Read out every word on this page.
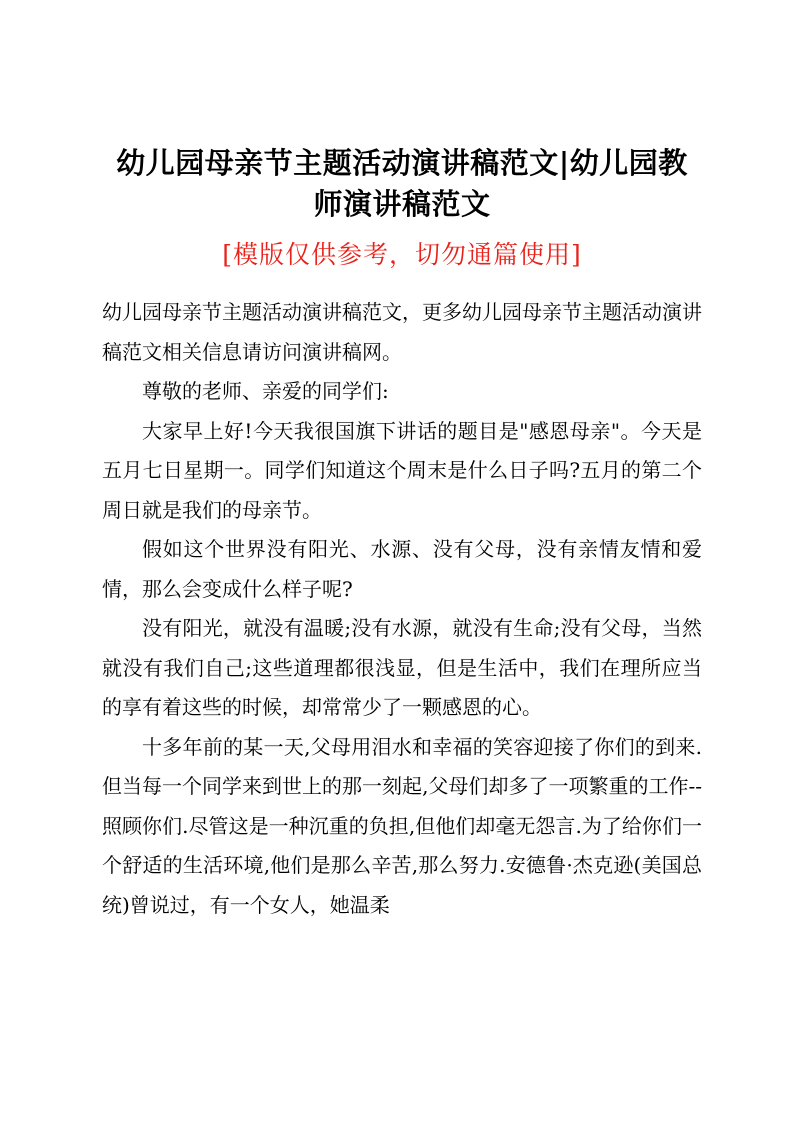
幼儿园母亲节主题活动演讲稿范文|幼儿园教师演讲稿范文

[模版仅供参考，切勿通篇使用]

幼儿园母亲节主题活动演讲稿范文，更多幼儿园母亲节主题活动演讲稿范文相关信息请访问演讲稿网。

尊敬的老师、亲爱的同学们:

大家早上好!今天我很国旗下讲话的题目是"感恩母亲"。今天是五月七日星期一。同学们知道这个周末是什么日子吗?五月的第二个周日就是我们的母亲节。

假如这个世界没有阳光、水源、没有父母，没有亲情友情和爱情，那么会变成什么样子呢?

没有阳光，就没有温暖;没有水源，就没有生命;没有父母，当然就没有我们自己;这些道理都很浅显，但是生活中，我们在理所应当的享有着这些的时候，却常常少了一颗感恩的心。

十多年前的某一天,父母用泪水和幸福的笑容迎接了你们的到来.但当每一个同学来到世上的那一刻起,父母们却多了一项繁重的工作--照顾你们.尽管这是一种沉重的负担,但他们却毫无怨言.为了给你们一个舒适的生活环境,他们是那么辛苦,那么努力.安德鲁·杰克逊(美国总统)曾说过，有一个女人，她温柔
